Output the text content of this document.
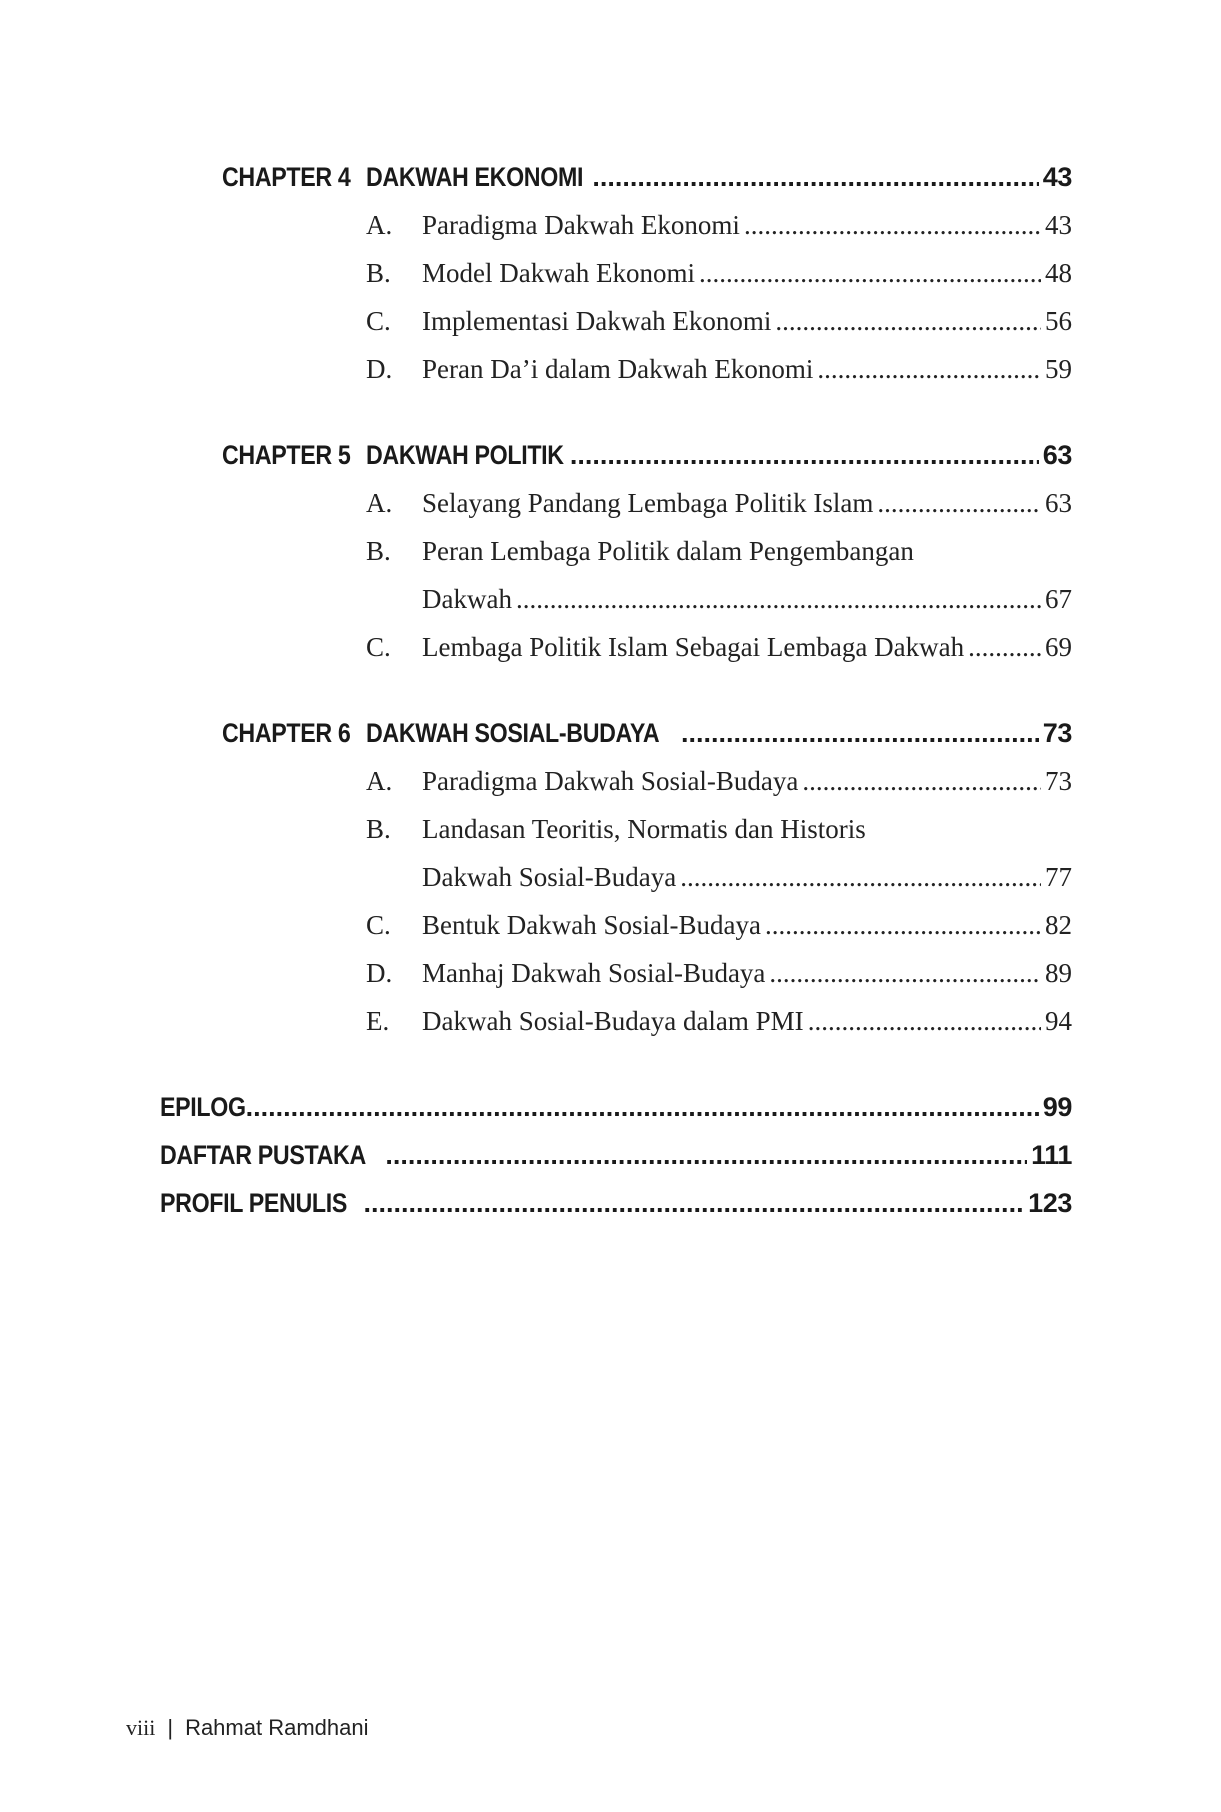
CHAPTER 4 DAKWAH EKONOMI .....	43
A.	Paradigma Dakwah Ekonomi .....	43
B.	Model Dakwah Ekonomi .....	48
C.	Implementasi Dakwah Ekonomi .....	56
D.	Peran Da’i dalam Dakwah Ekonomi .....	59
CHAPTER 5 DAKWAH POLITIK .....	63
A.	Selayang Pandang Lembaga Politik Islam .....	63
B.	Peran Lembaga Politik dalam Pengembangan
Dakwah .....	67
C.	Lembaga Politik Islam Sebagai Lembaga Dakwah .....	69
CHAPTER 6 DAKWAH SOSIAL-BUDAYA .....	73
A.	Paradigma Dakwah Sosial-Budaya .....	73
B.	Landasan Teoritis, Normatis dan Historis
Dakwah Sosial-Budaya .....	77
C.	Bentuk Dakwah Sosial-Budaya .....	82
D.	Manhaj Dakwah Sosial-Budaya .....	89
E.	Dakwah Sosial-Budaya dalam PMI .....	94
EPILOG .....	99
DAFTAR PUSTAKA .....	111
PROFIL PENULIS .....	123
viii | Rahmat Ramdhani
